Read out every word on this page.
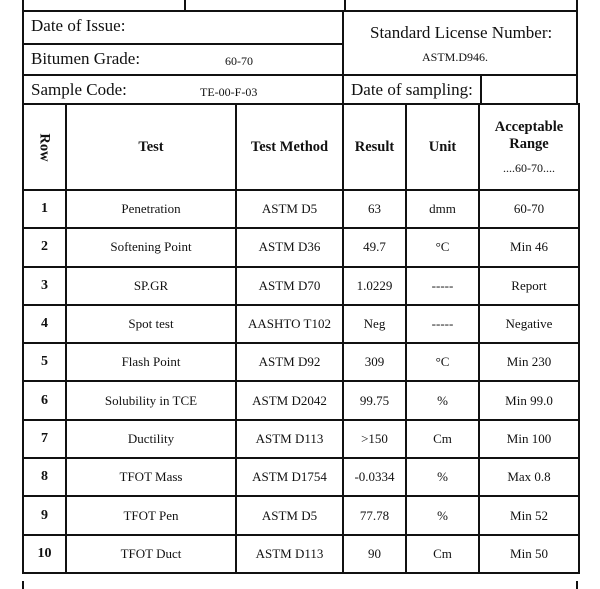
Date of Issue:
Bitumen Grade:	60-70
Standard License Number:
ASTM.D946.
Sample Code:	TE-00-F-03	Date of sampling:
Row	Test	Test Method	Result	Unit	Acceptable Range
....60-70....

1	Penetration	ASTM D5	63	dmm	60-70
2	Softening Point	ASTM D36	49.7	°C	Min 46
3	SP.GR	ASTM D70	1.0229	-----	Report
4	Spot test	AASHTO T102	Neg	-----	Negative
5	Flash Point	ASTM D92	309	°C	Min 230
6	Solubility in TCE	ASTM D2042	99.75	%	Min 99.0
7	Ductility	ASTM D113	>150	Cm	Min 100
8	TFOT Mass	ASTM D1754	-0.0334	%	Max 0.8
9	TFOT Pen	ASTM D5	77.78	%	Min 52
10	TFOT Duct	ASTM D113	90	Cm	Min 50
